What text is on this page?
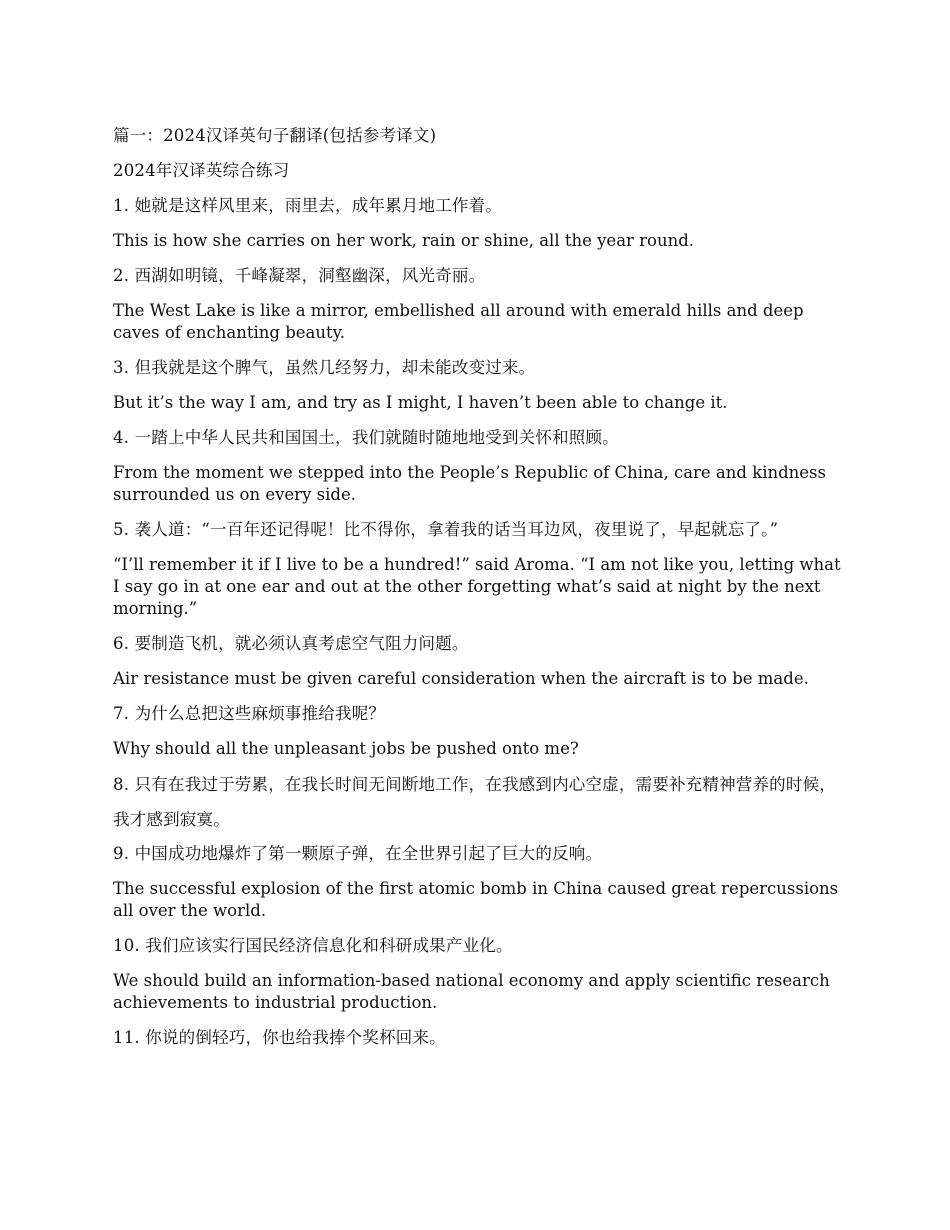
篇一：2024汉译英句子翻译(包括参考译文)
2024年汉译英综合练习
1. 她就是这样风里来，雨里去，成年累月地工作着。
This is how she carries on her work, rain or shine, all the year round.
2. 西湖如明镜，千峰凝翠，洞壑幽深，风光奇丽。
The West Lake is like a mirror, embellished all around with emerald hills and deep caves of enchanting beauty.
3. 但我就是这个脾气，虽然几经努力，却未能改变过来。
But it’s the way I am, and try as I might, I haven’t been able to change it.
4. 一踏上中华人民共和国国土，我们就随时随地地受到关怀和照顾。
From the moment we stepped into the People’s Republic of China, care and kindness surrounded us on every side.
5. 袭人道：“一百年还记得呢！比不得你，拿着我的话当耳边风，夜里说了，早起就忘了。”
“I’ll remember it if I live to be a hundred!” said Aroma. “I am not like you, letting what I say go in at one ear and out at the other forgetting what’s said at night by the next morning.”
6. 要制造飞机，就必须认真考虑空气阻力问题。
Air resistance must be given careful consideration when the aircraft is to be made.
7. 为什么总把这些麻烦事推给我呢？
Why should all the unpleasant jobs be pushed onto me?
8. 只有在我过于劳累，在我长时间无间断地工作，在我感到内心空虚，需要补充精神营养的时候，我才感到寂寞。
9. 中国成功地爆炸了第一颗原子弹，在全世界引起了巨大的反响。
The successful explosion of the first atomic bomb in China caused great repercussions all over the world.
10. 我们应该实行国民经济信息化和科研成果产业化。
We should build an information-based national economy and apply scientific research achievements to industrial production.
11. 你说的倒轻巧，你也给我捧个奖杯回来。
